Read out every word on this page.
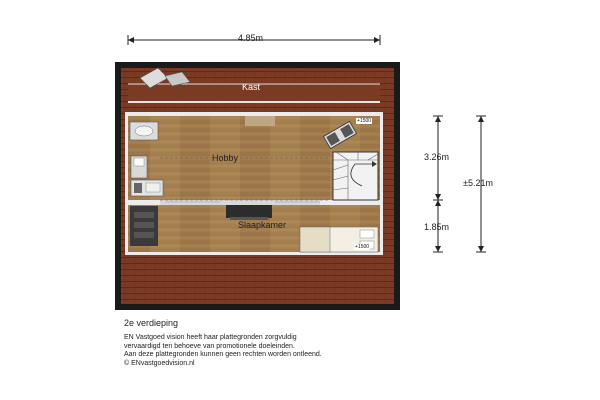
4.85m
3.26m
1.85m
±5.21m
Kast
Hobby
Slaapkamer
+1500
+1500
2e verdieping
EN Vastgoed vision heeft haar plattegronden zorgvuldig
vervaardigd ten behoeve van promotionele doeleinden.
Aan deze plattegronden kunnen geen rechten worden ontleend.
© ENvastgoedvision.nl
